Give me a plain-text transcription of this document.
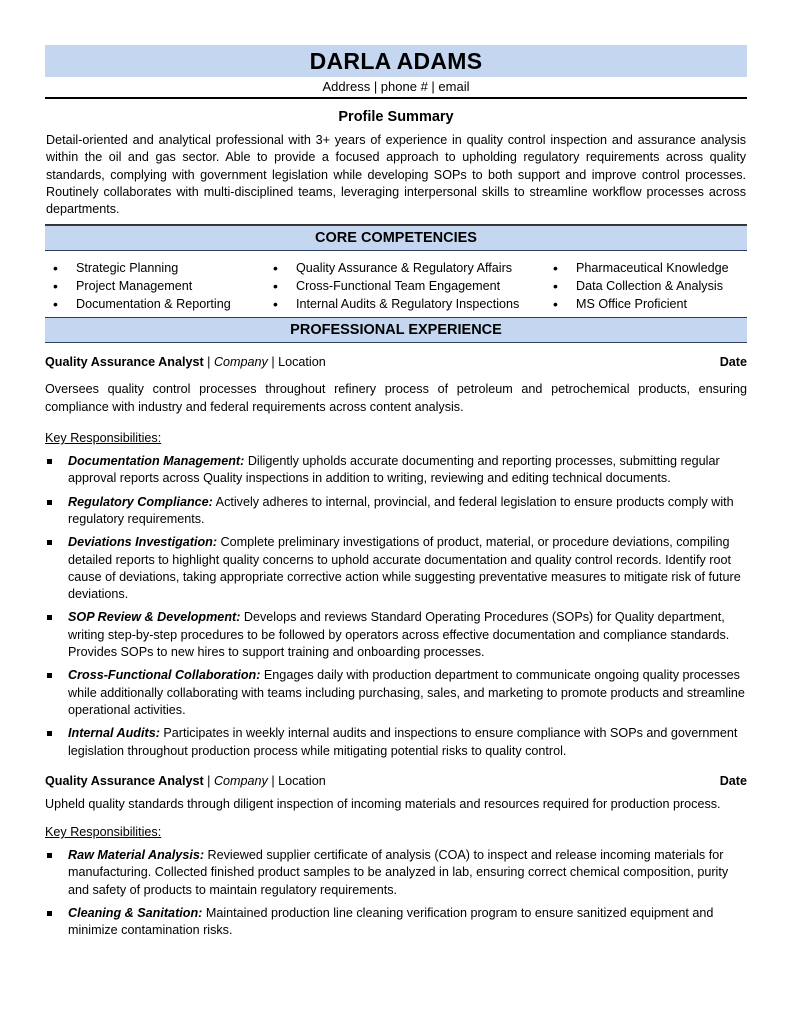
DARLA ADAMS
Address | phone # | email
Profile Summary
Detail-oriented and analytical professional with 3+ years of experience in quality control inspection and assurance analysis within the oil and gas sector. Able to provide a focused approach to upholding regulatory requirements across quality standards, complying with government legislation while developing SOPs to both support and improve control processes. Routinely collaborates with multi-disciplined teams, leveraging interpersonal skills to streamline workflow processes across departments.
CORE COMPETENCIES
• Strategic Planning
• Project Management
• Documentation & Reporting
• Quality Assurance & Regulatory Affairs
• Cross-Functional Team Engagement
• Internal Audits & Regulatory Inspections
• Pharmaceutical Knowledge
• Data Collection & Analysis
• MS Office Proficient
PROFESSIONAL EXPERIENCE
Quality Assurance Analyst | Company | Location	Date
Oversees quality control processes throughout refinery process of petroleum and petrochemical products, ensuring compliance with industry and federal requirements across content analysis.
Key Responsibilities:
Documentation Management: Diligently upholds accurate documenting and reporting processes, submitting regular approval reports across Quality inspections in addition to writing, reviewing and editing technical documents.
Regulatory Compliance: Actively adheres to internal, provincial, and federal legislation to ensure products comply with regulatory requirements.
Deviations Investigation: Complete preliminary investigations of product, material, or procedure deviations, compiling detailed reports to highlight quality concerns to uphold accurate documentation and quality control records. Identify root cause of deviations, taking appropriate corrective action while suggesting preventative measures to mitigate risk of future deviations.
SOP Review & Development: Develops and reviews Standard Operating Procedures (SOPs) for Quality department, writing step-by-step procedures to be followed by operators across effective documentation and compliance standards. Provides SOPs to new hires to support training and onboarding processes.
Cross-Functional Collaboration: Engages daily with production department to communicate ongoing quality processes while additionally collaborating with teams including purchasing, sales, and marketing to promote products and streamline operational activities.
Internal Audits: Participates in weekly internal audits and inspections to ensure compliance with SOPs and government legislation throughout production process while mitigating potential risks to quality control.
Quality Assurance Analyst | Company | Location	Date
Upheld quality standards through diligent inspection of incoming materials and resources required for production process.
Key Responsibilities:
Raw Material Analysis: Reviewed supplier certificate of analysis (COA) to inspect and release incoming materials for manufacturing. Collected finished product samples to be analyzed in lab, ensuring correct chemical composition, purity and safety of products to maintain regulatory requirements.
Cleaning & Sanitation: Maintained production line cleaning verification program to ensure sanitized equipment and minimize contamination risks.
